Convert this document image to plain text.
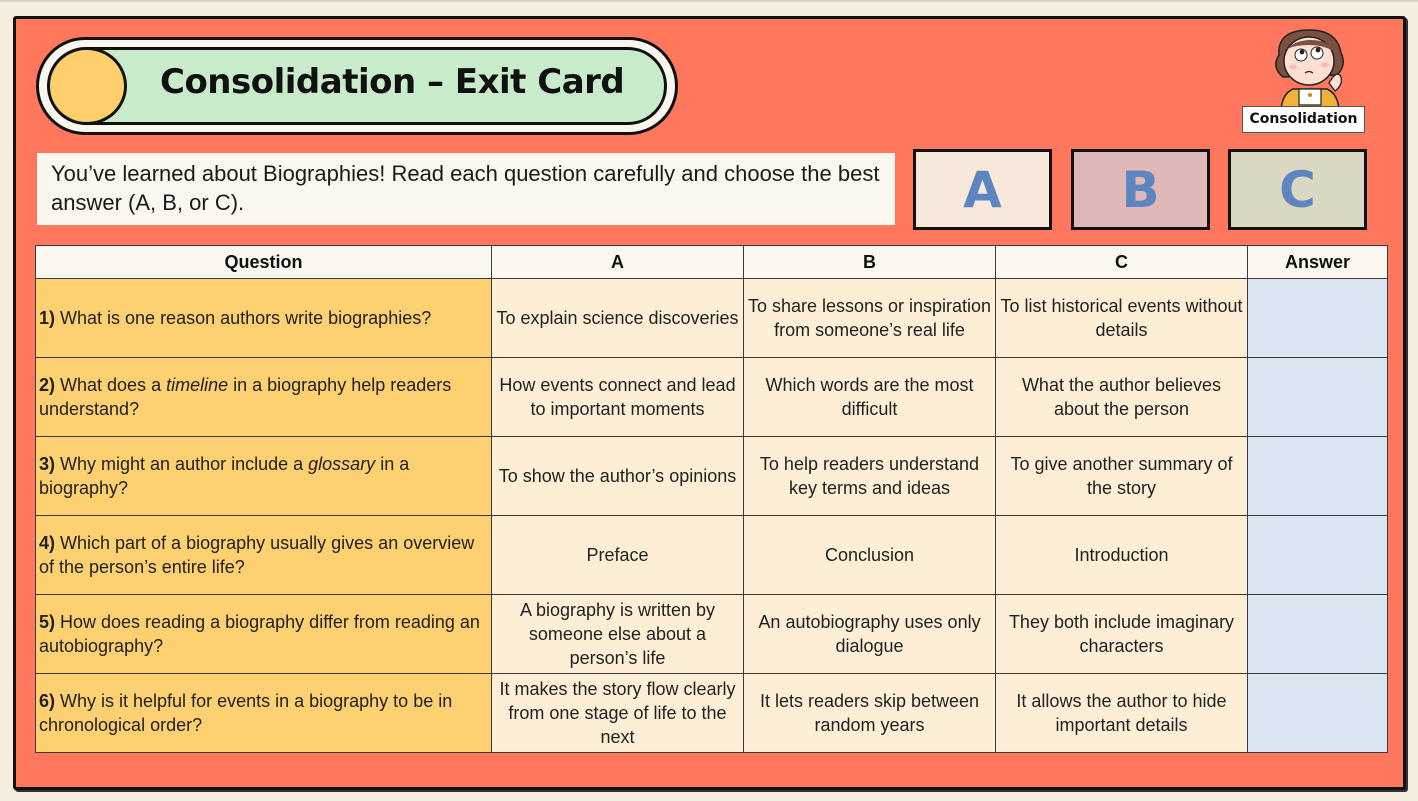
Consolidation – Exit Card
Consolidation
You’ve learned about Biographies! Read each question carefully and choose the best answer (A, B, or C).	A	B	C
Question	A	B	C	Answer
1) What is one reason authors write biographies?	To explain science discoveries	To share lessons or inspiration from someone’s real life	To list historical events without details	
2) What does a timeline in a biography help readers understand?	How events connect and lead to important moments	Which words are the most difficult	What the author believes about the person	
3) Why might an author include a glossary in a biography?	To show the author’s opinions	To help readers understand key terms and ideas	To give another summary of the story	
4) Which part of a biography usually gives an overview of the person’s entire life?	Preface	Conclusion	Introduction	
5) How does reading a biography differ from reading an autobiography?	A biography is written by someone else about a person’s life	An autobiography uses only dialogue	They both include imaginary characters	
6) Why is it helpful for events in a biography to be in chronological order?	It makes the story flow clearly from one stage of life to the next	It lets readers skip between random years	It allows the author to hide important details	
